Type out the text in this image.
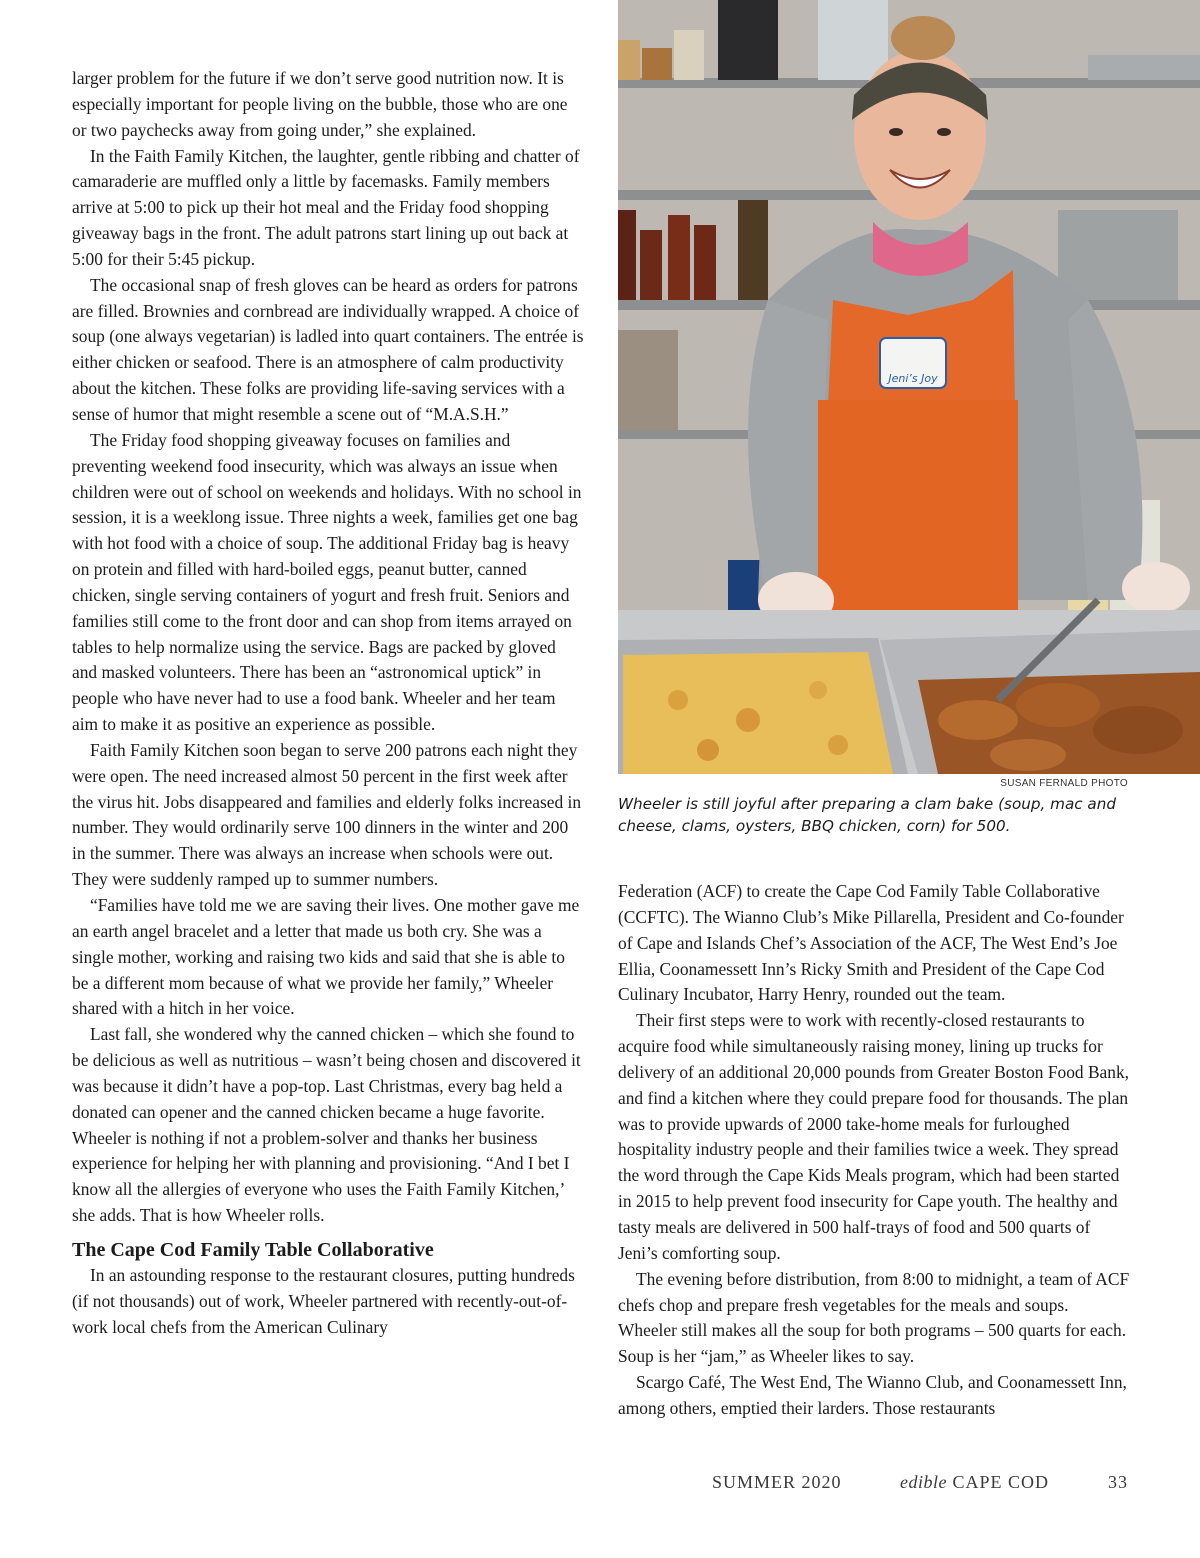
larger problem for the future if we don’t serve good nutrition now. It is especially important for people living on the bubble, those who are one or two paychecks away from going under,” she explained.

In the Faith Family Kitchen, the laughter, gentle ribbing and chatter of camaraderie are muffled only a little by facemasks. Family members arrive at 5:00 to pick up their hot meal and the Friday food shopping giveaway bags in the front. The adult patrons start lining up out back at 5:00 for their 5:45 pickup.

The occasional snap of fresh gloves can be heard as orders for patrons are filled. Brownies and cornbread are individually wrapped. A choice of soup (one always vegetarian) is ladled into quart containers. The entrée is either chicken or seafood. There is an atmosphere of calm productivity about the kitchen. These folks are providing life-saving services with a sense of humor that might resemble a scene out of “M.A.S.H.”

The Friday food shopping giveaway focuses on families and preventing weekend food insecurity, which was always an issue when children were out of school on weekends and holidays. With no school in session, it is a weeklong issue. Three nights a week, families get one bag with hot food with a choice of soup. The additional Friday bag is heavy on protein and filled with hard-boiled eggs, peanut butter, canned chicken, single serving containers of yogurt and fresh fruit. Seniors and families still come to the front door and can shop from items arrayed on tables to help normalize using the service. Bags are packed by gloved and masked volunteers. There has been an “astronomical uptick” in people who have never had to use a food bank. Wheeler and her team aim to make it as positive an experience as possible.

Faith Family Kitchen soon began to serve 200 patrons each night they were open. The need increased almost 50 percent in the first week after the virus hit. Jobs disappeared and families and elderly folks increased in number. They would ordinarily serve 100 dinners in the winter and 200 in the summer. There was always an increase when schools were out. They were suddenly ramped up to summer numbers.

“Families have told me we are saving their lives. One mother gave me an earth angel bracelet and a letter that made us both cry. She was a single mother, working and raising two kids and said that she is able to be a different mom because of what we provide her family,” Wheeler shared with a hitch in her voice.

Last fall, she wondered why the canned chicken – which she found to be delicious as well as nutritious – wasn’t being chosen and discovered it was because it didn’t have a pop-top. Last Christmas, every bag held a donated can opener and the canned chicken became a huge favorite. Wheeler is nothing if not a problem-solver and thanks her business experience for helping her with planning and provisioning. “And I bet I know all the allergies of everyone who uses the Faith Family Kitchen,’ she adds. That is how Wheeler rolls.

The Cape Cod Family Table Collaborative

In an astounding response to the restaurant closures, putting hundreds (if not thousands) out of work, Wheeler partnered with recently-out-of-work local chefs from the American Culinary

Jeni’s Joy
SUSAN FERNALD PHOTO
Wheeler is still joyful after preparing a clam bake (soup, mac and cheese, clams, oysters, BBQ chicken, corn) for 500.

Federation (ACF) to create the Cape Cod Family Table Collaborative (CCFTC). The Wianno Club’s Mike Pillarella, President and Co-founder of Cape and Islands Chef’s Association of the ACF, The West End’s Joe Ellia, Coonamessett Inn’s Ricky Smith and President of the Cape Cod Culinary Incubator, Harry Henry, rounded out the team.

Their first steps were to work with recently-closed restaurants to acquire food while simultaneously raising money, lining up trucks for delivery of an additional 20,000 pounds from Greater Boston Food Bank, and find a kitchen where they could prepare food for thousands. The plan was to provide upwards of 2000 take-home meals for furloughed hospitality industry people and their families twice a week. They spread the word through the Cape Kids Meals program, which had been started in 2015 to help prevent food insecurity for Cape youth. The healthy and tasty meals are delivered in 500 half-trays of food and 500 quarts of Jeni’s comforting soup.

The evening before distribution, from 8:00 to midnight, a team of ACF chefs chop and prepare fresh vegetables for the meals and soups. Wheeler still makes all the soup for both programs – 500 quarts for each. Soup is her “jam,” as Wheeler likes to say.

Scargo Café, The West End, The Wianno Club, and Coonamessett Inn, among others, emptied their larders. Those restaurants

SUMMER 2020	edible CAPE COD	33
